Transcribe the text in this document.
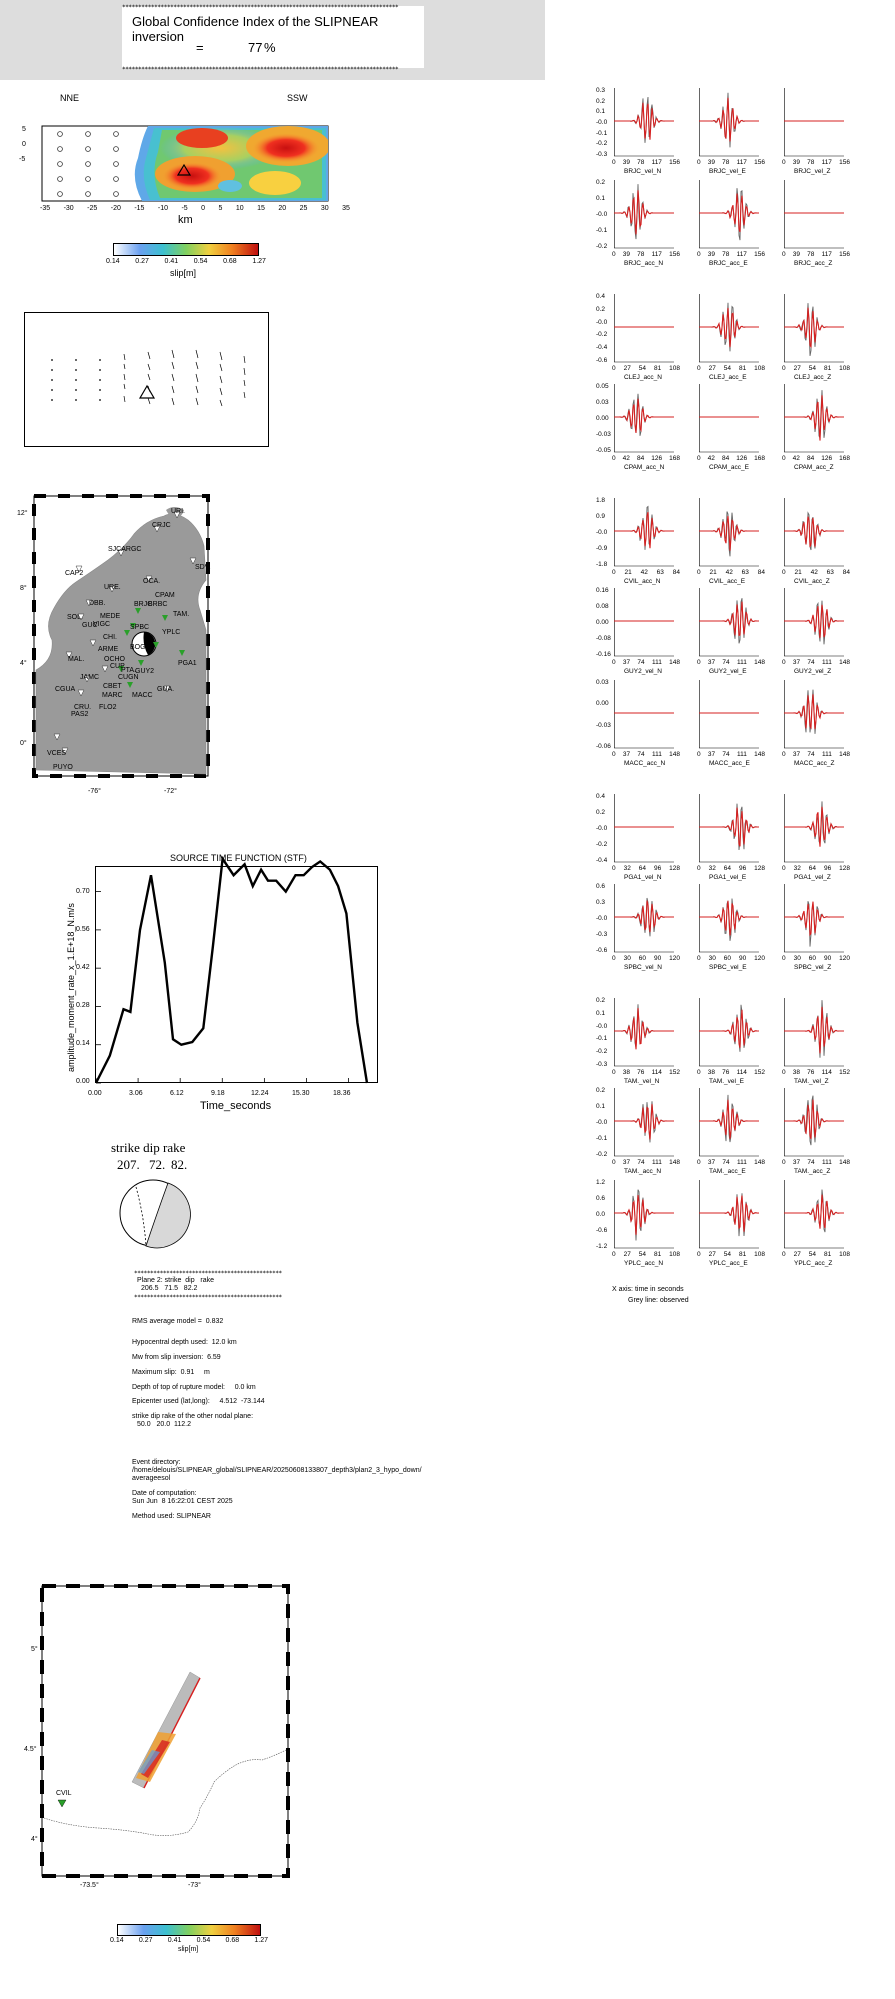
Global Confidence Index of the SLIPNEAR inversion
=	77 %
**************************************************************************************
**************************************************************************************
NNE	SSW
5
0
-5
-35 -30 -25 -20 -15 -10 -5 0 5 10 15 20 25 30 35
km
0.14 0.27 0.41 0.54 0.68 1.27
slip[m]
12°
8°
4°
0°
-76°	-72°
URI.
CRJC
SJCARGC
SDV.
CAP2
OCA.
URE.
CPAM
DBB.	BRJC
BRBC
TAM.
SOL. MEDE
GUC
VIGC	SPBC
YPLC
CHI.
ARME BOG
PGA1
MAL.	OCHO
CUP.
PTA.
GUY2
CUGN
JAMC
CBET
MARC
GUA.
CGUA
MACC
CRU. FLO2
PAS2
VCES
PUYO
SOURCE TIME FUNCTION (STF)
amplitude_moment_rate_x_1.E+18_N.m/s
0.00	3.06	6.12	9.18	12.24	15.30	18.36
0.00
0.14
0.28
0.42
0.56
0.70
Time_seconds
strike dip rake
207. 72. 82.
**********************************************
Plane 2: strike  dip   rake
206.5   71.5   82.2
**********************************************
RMS average model =  0.832
Hypocentral depth used:  12.0 km
Mw from slip inversion:  6.59
Maximum slip:  0.91     m
Depth of top of rupture model:     0.0 km
Epicenter used (lat,long):     4.512  -73.144
strike dip rake of the other nodal plane:
50.0   20.0  112.2
Event directory:
/home/delouis/SLIPNEAR_global/SLIPNEAR/20250608133807_depth3/plan2_3_hypo_down/
averageesol
Date of computation:
Sun Jun  8 16:22:01 CEST 2025
Method used: SLIPNEAR
5°
4.5°
4°
-73.5°	-73°
CVIL
0.14 0.27 0.41 0.54 0.68 1.27
slip[m]
0.3
0.2
0.1
-0.0
-0.1
-0.2
-0.3
0 39 78 117 156
BRJC_vel_N
0 39 78 117 156
BRJC_vel_E
0 39 78 117 156
BRJC_vel_Z
0.2
0.1
-0.0
-0.1
-0.2
0 39 78 117 156
BRJC_acc_N
0 39 78 117 156
BRJC_acc_E
0 39 78 117 156
BRJC_acc_Z
0.4
0.2
-0.0
-0.2
-0.4
-0.6
0 27 54 81 108
CLEJ_acc_N
0 27 54 81 108
CLEJ_acc_E
0 27 54 81 108
CLEJ_acc_Z
0.05
0.03
0.00
-0.03
-0.05
0 42 84 126 168
CPAM_acc_N
0 42 84 126 168
CPAM_acc_E
0 42 84 126 168
CPAM_acc_Z
1.8
0.9
-0.0
-0.9
-1.8
0 21 42 63 84
CVIL_acc_N
0 21 42 63 84
CVIL_acc_E
0 21 42 63 84
CVIL_acc_Z
0.16
0.08
0.00
-0.08
-0.16
0 37 74 111 148
GUY2_vel_N
0 37 74 111 148
GUY2_vel_E
0 37 74 111 148
GUY2_vel_Z
0.03
0.00
-0.03
-0.06
0 37 74 111 148
MACC_acc_N
0 37 74 111 148
MACC_acc_E
0 37 74 111 148
MACC_acc_Z
0.4
0.2
-0.0
-0.2
-0.4
0 32 64 96 128
PGA1_vel_N
0 32 64 96 128
PGA1_vel_E
0 32 64 96 128
PGA1_vel_Z
0.6
0.3
-0.0
-0.3
-0.6
0 30 60 90 120
SPBC_vel_N
0 30 60 90 120
SPBC_vel_E
0 30 60 90 120
SPBC_vel_Z
0.2
0.1
-0.0
-0.1
-0.2
-0.3
0 38 76 114 152
TAM._vel_N
0 38 76 114 152
TAM._vel_E
0 38 76 114 152
TAM._vel_Z
0.2
0.1
-0.0
-0.1
-0.2
0 37 74 111 148
TAM._acc_N
0 37 74 111 148
TAM._acc_E
0 37 74 111 148
TAM._acc_Z
1.2
0.6
0.0
-0.6
-1.2
0 27 54 81 108
YPLC_acc_N
0 27 54 81 108
YPLC_acc_E
0 27 54 81 108
YPLC_acc_Z
X axis: time in seconds
Grey line: observed
